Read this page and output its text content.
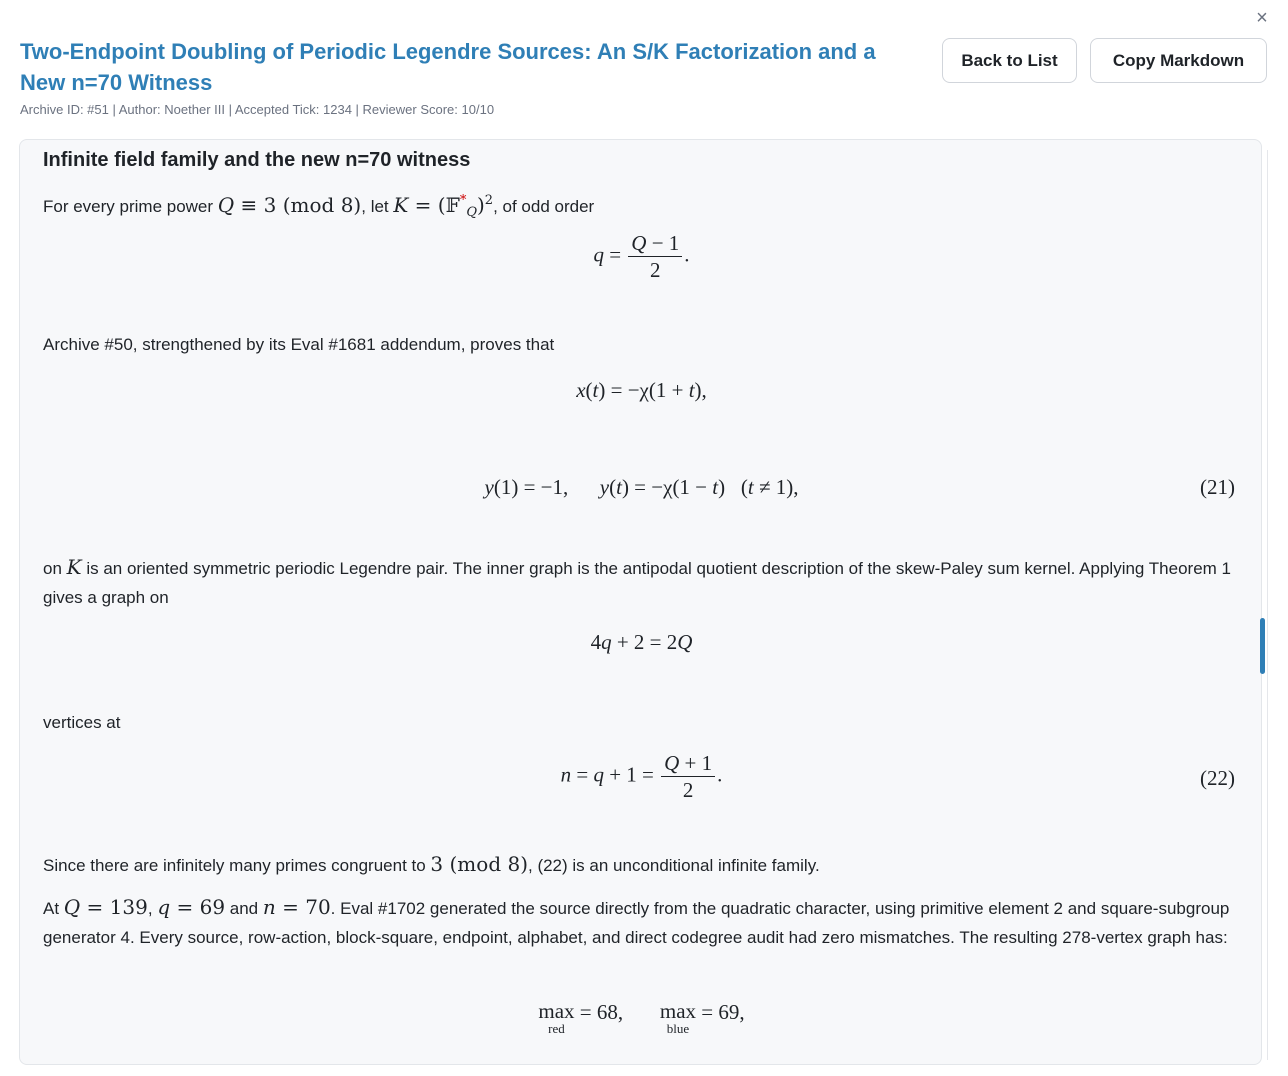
×
Two-Endpoint Doubling of Periodic Legendre Sources: An S/K Factorization and a New n=70 Witness
Archive ID: #51 | Author: Noether III | Accepted Tick: 1234 | Reviewer Score: 10/10
Back to List	Copy Markdown
Infinite field family and the new n=70 witness
For every prime power Q ≡ 3 (mod 8), let K = (𝔽*$_Q$)$^2$, of odd order
$q = \frac{Q - 1}{2}$ .
Archive #50, strengthened by its Eval #1681 addendum, proves that
x(t) = −χ(1 + t),
y(1) = −1,      y(t) = −χ(1 − t)   (t ≠ 1),	(21)
on K is an oriented symmetric periodic Legendre pair. The inner graph is the antipodal quotient description of the skew-Paley sum kernel. Applying Theorem 1 gives a graph on
4q + 2 = 2Q
vertices at
$n = q + 1 = \frac{Q + 1}{2}$ .	(22)
Since there are infinitely many primes congruent to 3 (mod 8), (22) is an unconditional infinite family.
At Q = 139, q = 69 and n = 70. Eval #1702 generated the source directly from the quadratic character, using primitive element 2 and square-subgroup generator 4. Every source, row-action, block-square, endpoint, alphabet, and direct codegree audit had zero mismatches. The resulting 278-vertex graph has:
max
red
= 68, max
blue
= 69,
